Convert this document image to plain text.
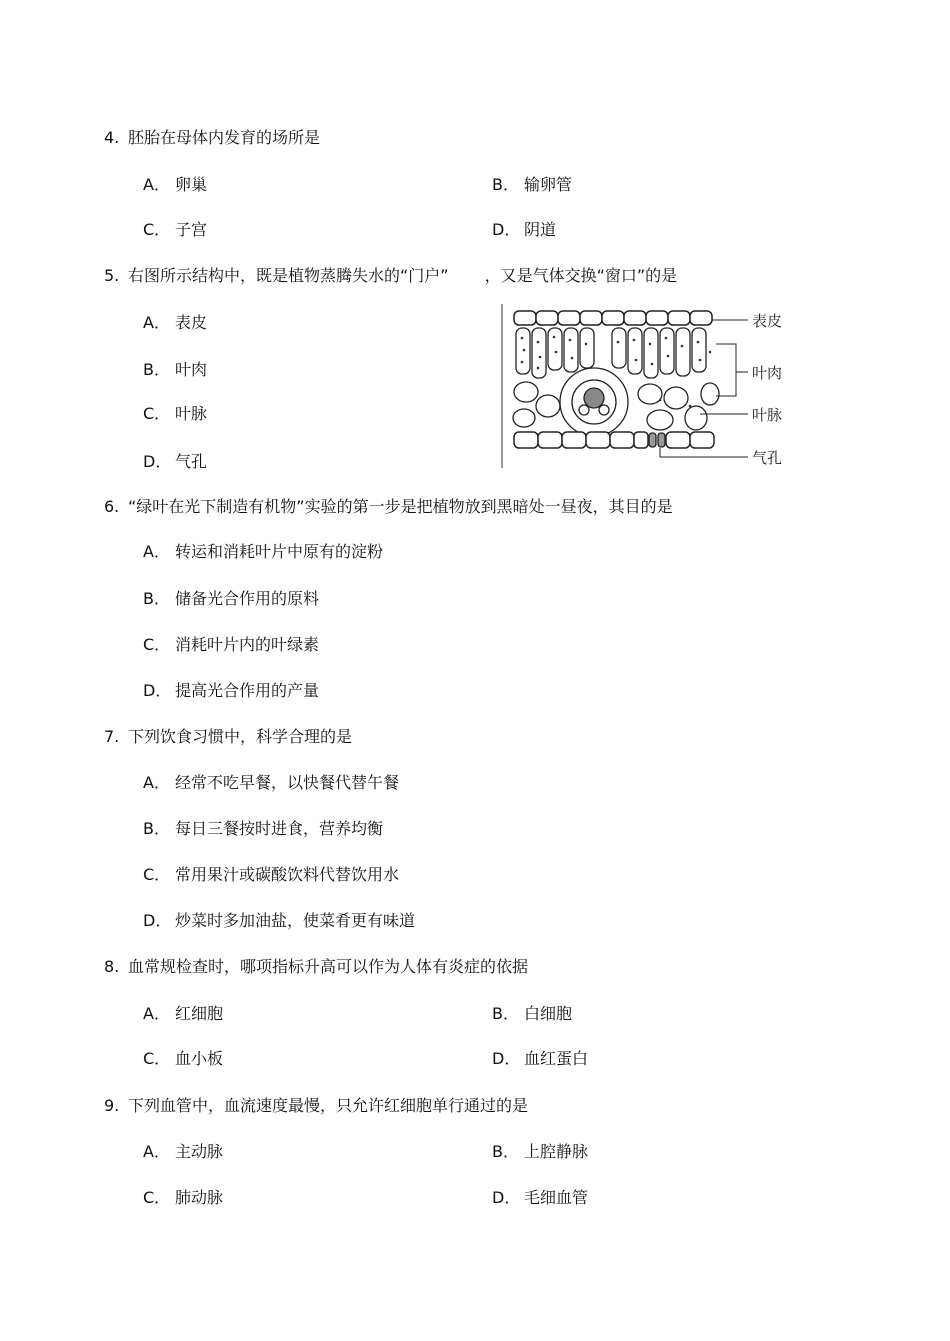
4. 胚胎在母体内发育的场所是
A． 卵巢	B． 输卵管
C． 子宫	D． 阴道
5. 右图所示结构中，既是植物蒸腾失水的“门户” ，又是气体交换“窗口”的是
A． 表皮
B． 叶肉
C． 叶脉
D． 气孔
表皮
叶肉
叶脉
气孔
6. “绿叶在光下制造有机物”实验的第一步是把植物放到黑暗处一昼夜，其目的是
A． 转运和消耗叶片中原有的淀粉
B． 储备光合作用的原料
C． 消耗叶片内的叶绿素
D． 提高光合作用的产量
7. 下列饮食习惯中，科学合理的是
A． 经常不吃早餐，以快餐代替午餐
B． 每日三餐按时进食，营养均衡
C． 常用果汁或碳酸饮料代替饮用水
D． 炒菜时多加油盐，使菜肴更有味道
8. 血常规检查时，哪项指标升高可以作为人体有炎症的依据
A． 红细胞	B． 白细胞
C． 血小板	D． 血红蛋白
9. 下列血管中，血流速度最慢，只允许红细胞单行通过的是
A． 主动脉	B． 上腔静脉
C． 肺动脉	D． 毛细血管
